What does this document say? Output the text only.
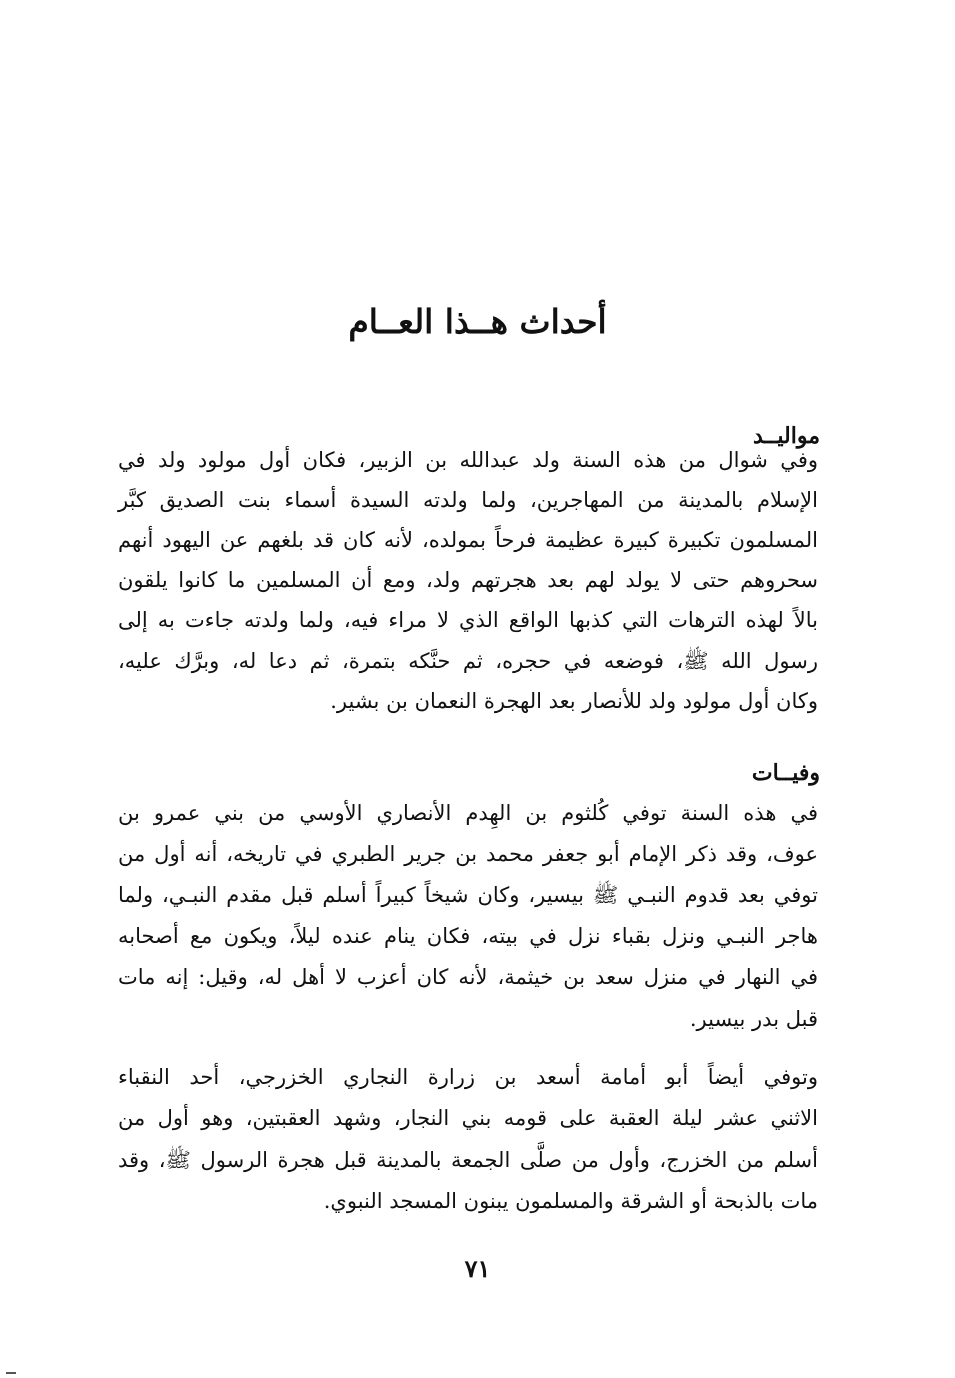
أحداث هــذا العــام
مواليــد
وفي شوال من هذه السنة ولد عبدالله بن الزبير، فكان أول مولود ولد في
الإسلام بالمدينة من المهاجرين، ولما ولدته السيدة أسماء بنت الصديق كبَّر
المسلمون تكبيرة كبيرة عظيمة فرحاً بمولده، لأنه كان قد بلغهم عن اليهود أنهم
سحروهم حتى لا يولد لهم بعد هجرتهم ولد، ومع أن المسلمين ما كانوا يلقون
بالاً لهذه الترهات التي كذبها الواقع الذي لا مراء فيه، ولما ولدته جاءت به إلى
رسول الله ﷺ، فوضعه في حجره، ثم حنَّكه بتمرة، ثم دعا له، وبرَّك عليه،
وكان أول مولود ولد للأنصار بعد الهجرة النعمان بن بشير.
وفيــات
في هذه السنة توفي كُلثوم بن الهِدم الأنصاري الأوسي من بني عمرو بن
عوف، وقد ذكر الإمام أبو جعفر محمد بن جرير الطبري في تاريخه، أنه أول من
توفي بعد قدوم النبـي ﷺ بيسير، وكان شيخاً كبيراً أسلم قبل مقدم النبـي، ولما
هاجر النبـي ونزل بقباء نزل في بيته، فكان ينام عنده ليلاً، ويكون مع أصحابه
في النهار في منزل سعد بن خيثمة، لأنه كان أعزب لا أهل له، وقيل: إنه مات
قبل بدر بيسير.
وتوفي أيضاً أبو أمامة أسعد بن زرارة النجاري الخزرجي، أحد النقباء
الاثني عشر ليلة العقبة على قومه بني النجار، وشهد العقبتين، وهو أول من
أسلم من الخزرج، وأول من صلَّى الجمعة بالمدينة قبل هجرة الرسول ﷺ، وقد
مات بالذبحة أو الشرقة والمسلمون يبنون المسجد النبوي.
٧١
